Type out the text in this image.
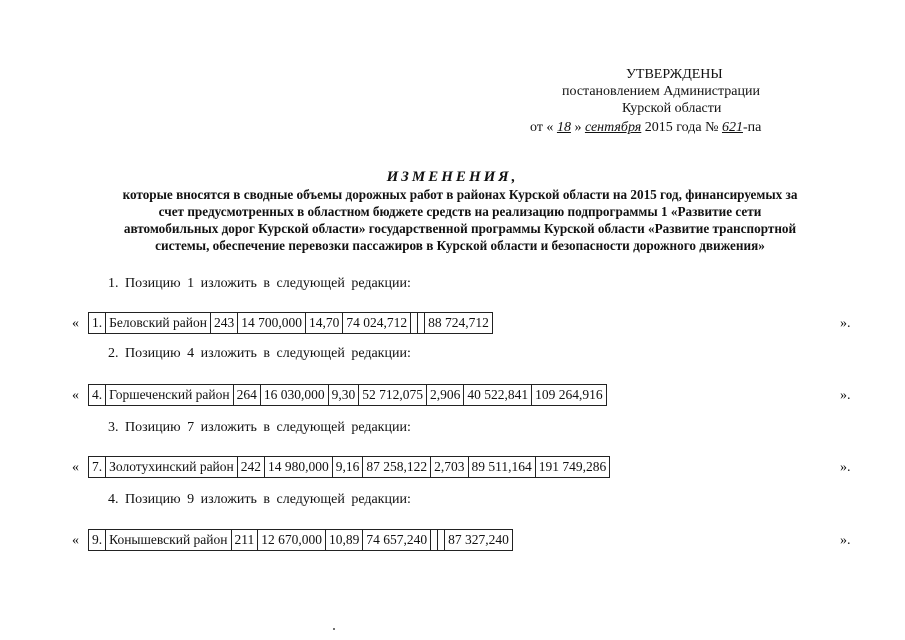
УТВЕРЖДЕНЫ
постановлением Администрации
Курской области
от « 18 » сентября 2015 года № 621-па
ИЗМЕНЕНИЯ,
которые вносятся в сводные объемы дорожных работ в районах Курской области на 2015 год, финансируемых за
счет предусмотренных в областном бюджете средств на реализацию подпрограммы 1 «Развитие сети
автомобильных дорог Курской области» государственной программы Курской области «Развитие транспортной
системы, обеспечение перевозки пассажиров в Курской области и безопасности дорожного движения»
1. Позицию 1 изложить в следующей редакции:
« 1.	Беловский район	243	14 700,000	14,70	74 024,712			88 724,712	».
2. Позицию 4 изложить в следующей редакции:
« 4.	Горшеченский район	264	16 030,000	9,30	52 712,075	2,906	40 522,841	109 264,916	».
3. Позицию 7 изложить в следующей редакции:
« 7.	Золотухинский район	242	14 980,000	9,16	87 258,122	2,703	89 511,164	191 749,286	».
4. Позицию 9 изложить в следующей редакции:
« 9.	Конышевский район	211	12 670,000	10,89	74 657,240			87 327,240	».
